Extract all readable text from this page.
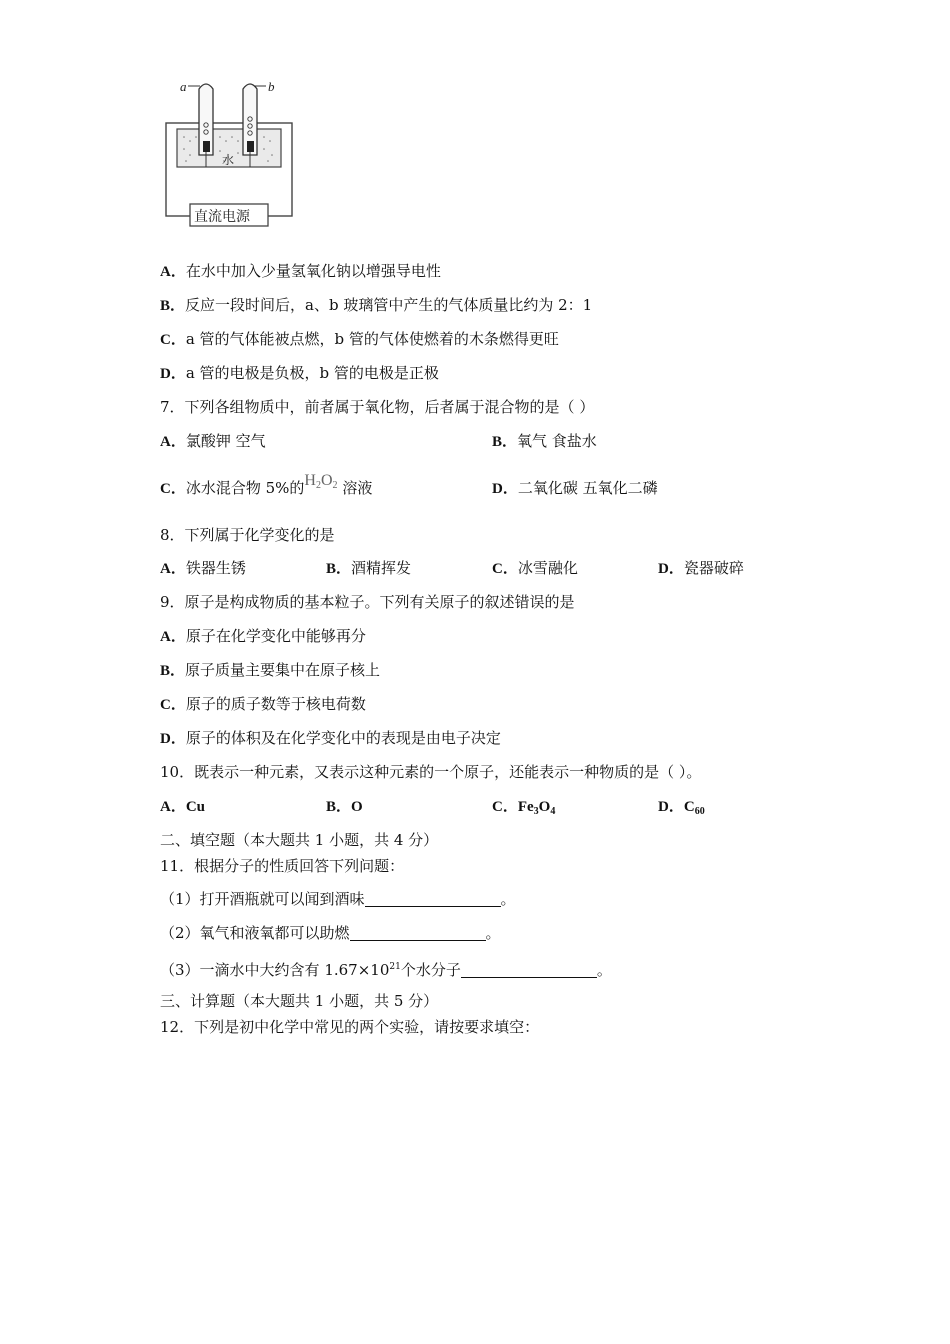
a	b
水
直流电源
A．在水中加入少量氢氧化钠以增强导电性
B．反应一段时间后，a、b 玻璃管中产生的气体质量比约为 2：1
C．a 管的气体能被点燃，b 管的气体使燃着的木条燃得更旺
D．a 管的电极是负极，b 管的电极是正极
7．下列各组物质中，前者属于氧化物，后者属于混合物的是（ ）
A．氯酸钾 空气	B．氧气 食盐水
C．冰水混合物 5%的H2O2 溶液	D．二氧化碳 五氧化二磷
8．下列属于化学变化的是
A．铁器生锈	B．酒精挥发	C．冰雪融化	D．瓷器破碎
9．原子是构成物质的基本粒子。下列有关原子的叙述错误的是
A．原子在化学变化中能够再分
B．原子质量主要集中在原子核上
C．原子的质子数等于核电荷数
D．原子的体积及在化学变化中的表现是由电子决定
10．既表示一种元素，又表示这种元素的一个原子，还能表示一种物质的是（ ）。
A．Cu	B．O	C．$Fe_3O_4$	D．$C_{60}$
二、填空题（本大题共 1 小题，共 4 分）
11．根据分子的性质回答下列问题：
（1）打开酒瓶就可以闻到酒味	。
（2）氧气和液氧都可以助燃	。
（3）一滴水中大约含有 $1.67\times 10^{21}$个水分子	。
三、计算题（本大题共 1 小题，共 5 分）
12．下列是初中化学中常见的两个实验，请按要求填空：
